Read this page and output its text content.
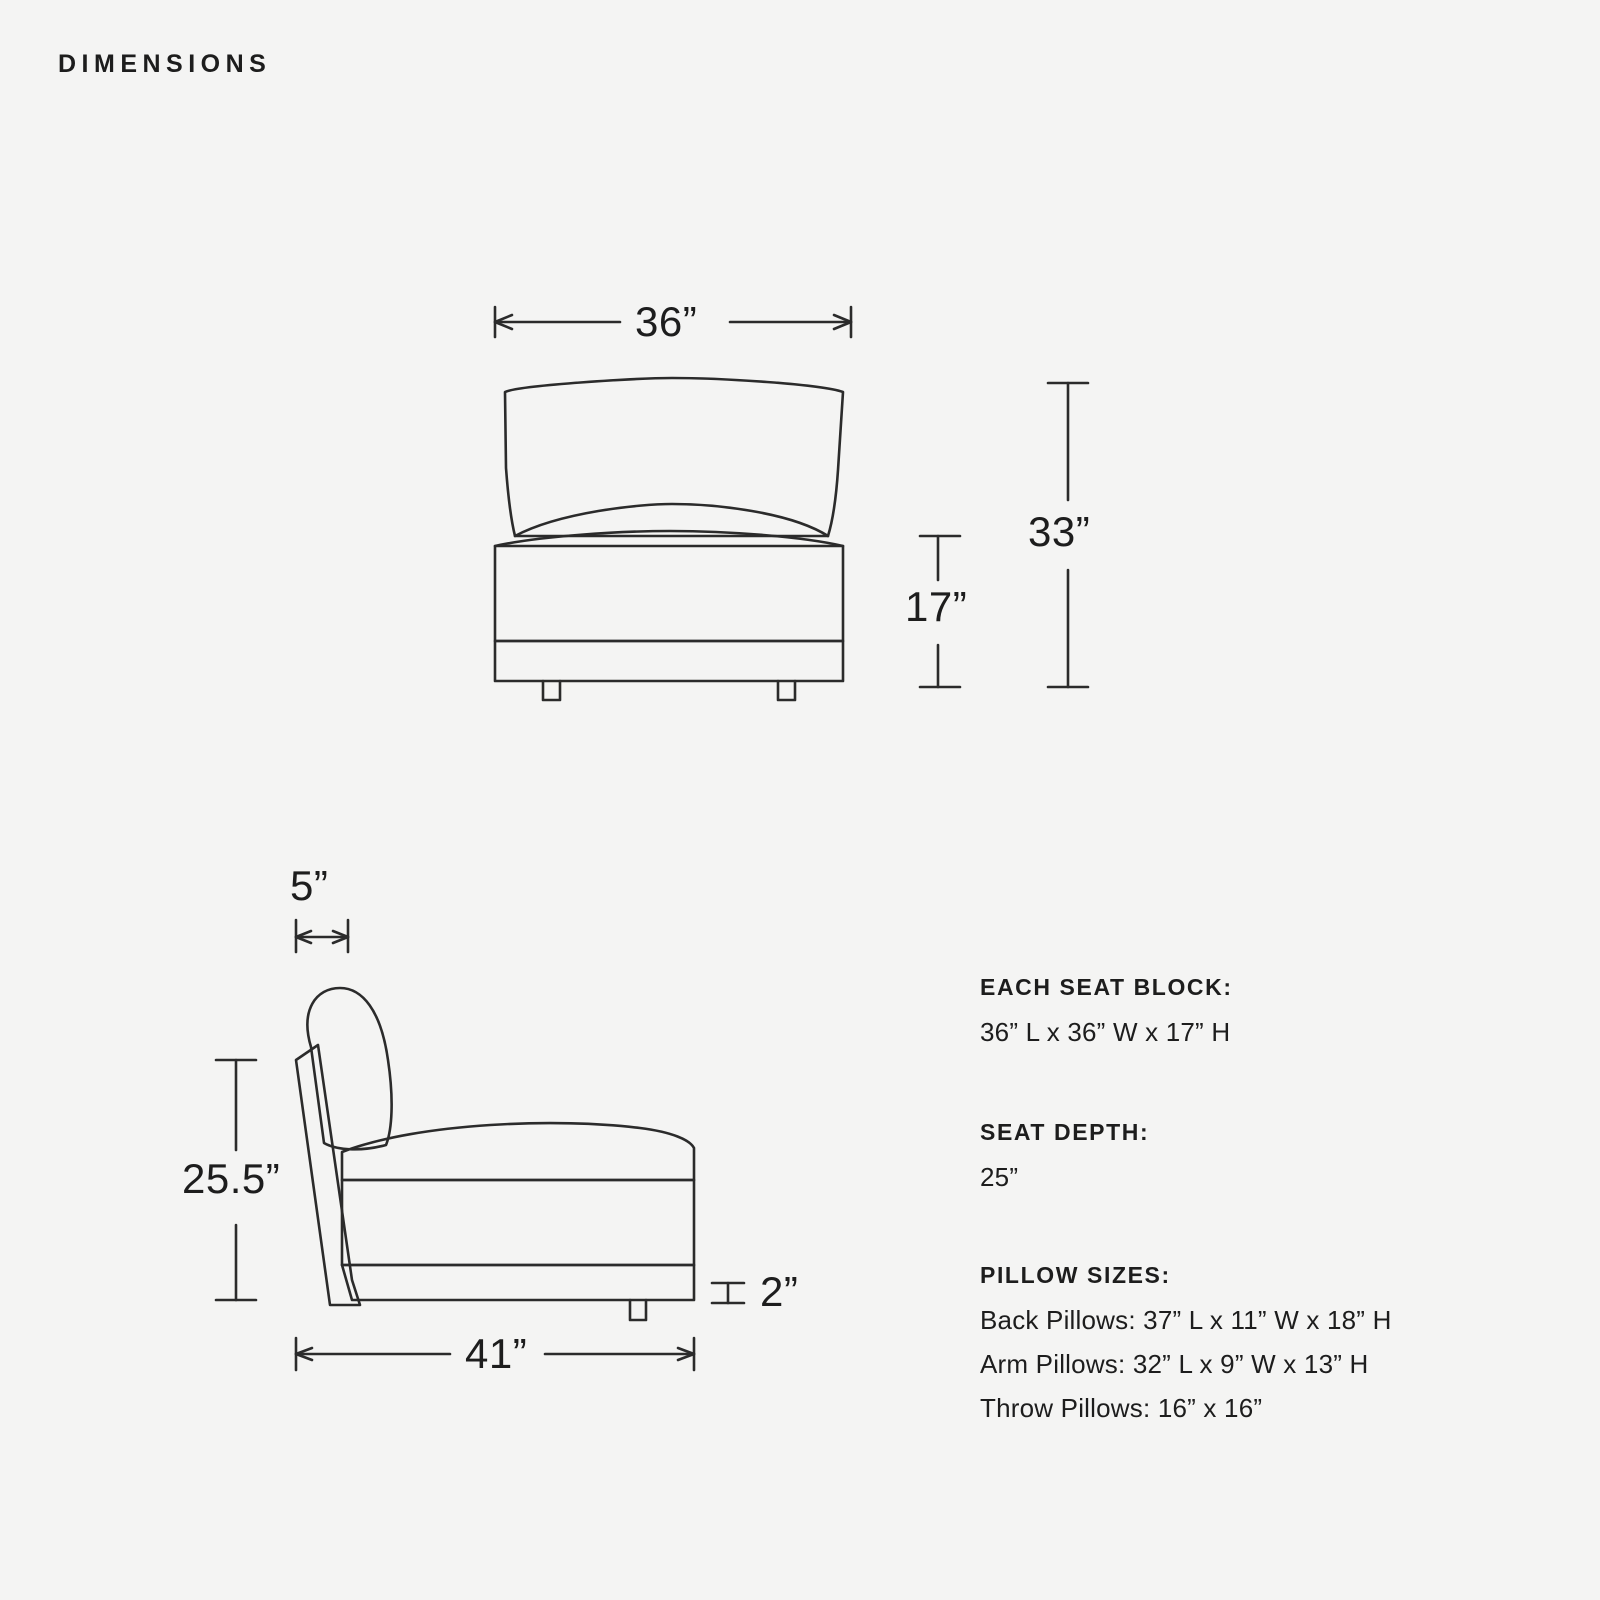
DIMENSIONS
36”
17”
33”
5”
25.5”
2”
41”
EACH SEAT BLOCK:
36” L x 36” W x 17” H
SEAT DEPTH:
25”
PILLOW SIZES:
Back Pillows: 37” L x 11” W x 18” H
Arm Pillows: 32” L x 9” W x 13” H
Throw Pillows: 16” x 16”
